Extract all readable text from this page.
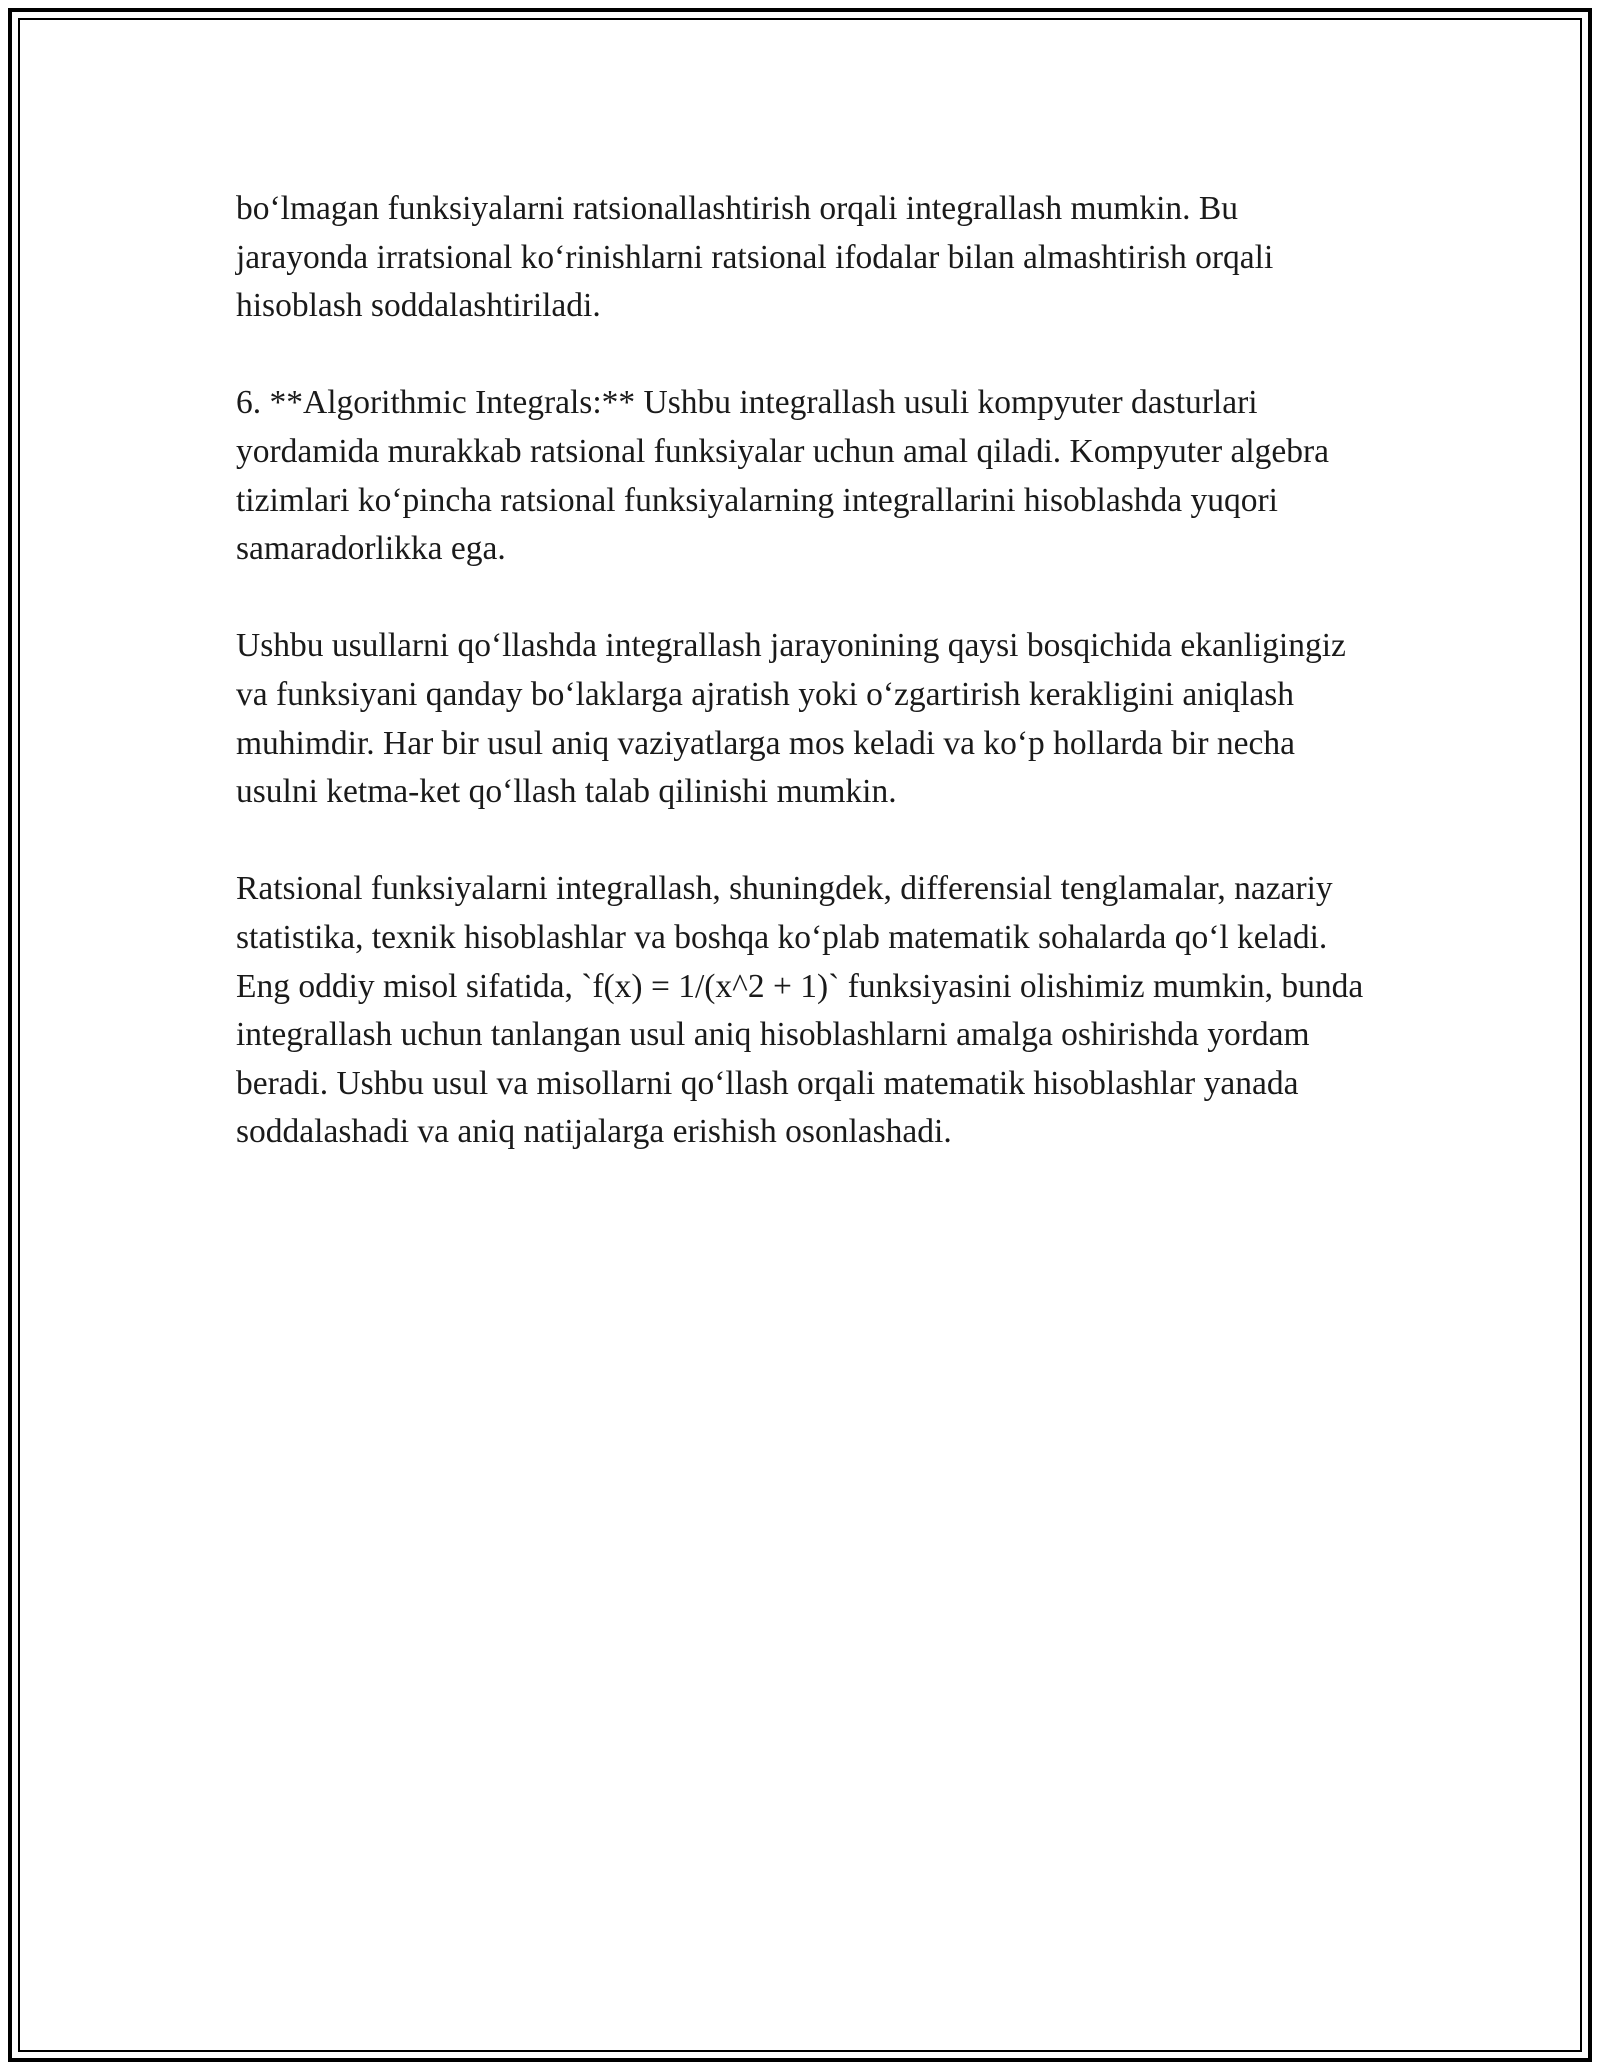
bo‘lmagan funksiyalarni ratsionallashtirish orqali integrallash mumkin. Bu jarayonda irratsional ko‘rinishlarni ratsional ifodalar bilan almashtirish orqali hisoblash soddalashtiriladi.

6. **Algorithmic Integrals:** Ushbu integrallash usuli kompyuter dasturlari yordamida murakkab ratsional funksiyalar uchun amal qiladi. Kompyuter algebra tizimlari ko‘pincha ratsional funksiyalarning integrallarini hisoblashda yuqori samaradorlikka ega.

Ushbu usullarni qo‘llashda integrallash jarayonining qaysi bosqichida ekanligingiz va funksiyani qanday bo‘laklarga ajratish yoki o‘zgartirish kerakligini aniqlash muhimdir. Har bir usul aniq vaziyatlarga mos keladi va ko‘p hollarda bir necha usulni ketma-ket qo‘llash talab qilinishi mumkin.

Ratsional funksiyalarni integrallash, shuningdek, differensial tenglamalar, nazariy statistika, texnik hisoblashlar va boshqa ko‘plab matematik sohalarda qo‘l keladi. Eng oddiy misol sifatida, `f(x) = 1/(x^2 + 1)` funksiyasini olishimiz mumkin, bunda integrallash uchun tanlangan usul aniq hisoblashlarni amalga oshirishda yordam beradi. Ushbu usul va misollarni qo‘llash orqali matematik hisoblashlar yanada soddalashadi va aniq natijalarga erishish osonlashadi.
